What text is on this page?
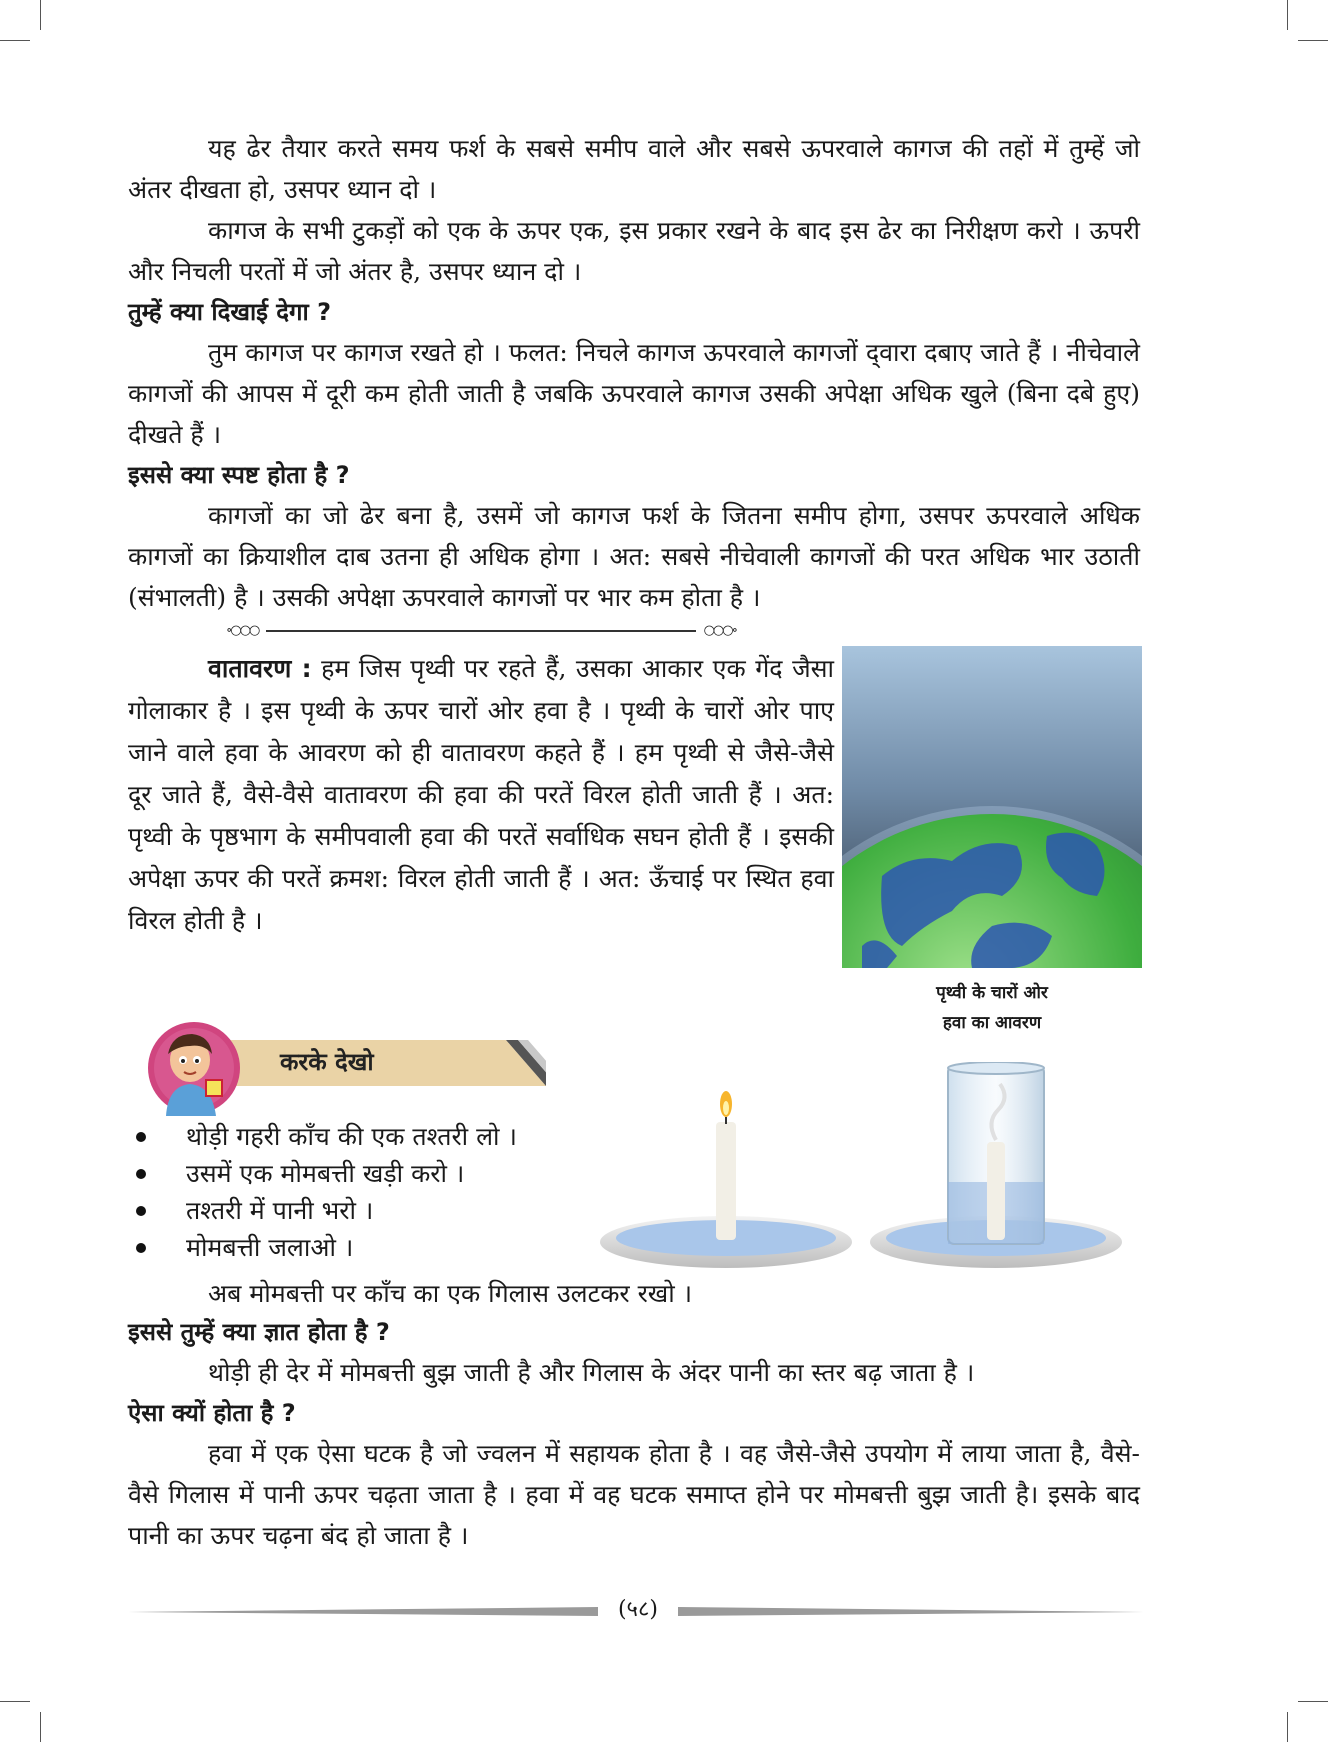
यह ढेर तैयार करते समय फर्श के सबसे समीप वाले और सबसे ऊपरवाले कागज की तहों में तुम्हें जो अंतर दीखता हो, उसपर ध्यान दो ।

कागज के सभी टुकड़ों को एक के ऊपर एक, इस प्रकार रखने के बाद इस ढेर का निरीक्षण करो । ऊपरी और निचली परतों में जो अंतर है, उसपर ध्यान दो ।

तुम्हें क्या दिखाई देगा ?

तुम कागज पर कागज रखते हो । फलत: निचले कागज ऊपरवाले कागजों द्‌वारा दबाए जाते हैं । नीचेवाले कागजों की आपस में दूरी कम होती जाती है जबकि ऊपरवाले कागज उसकी अपेक्षा अधिक खुले (बिना दबे हुए) दीखते हैं ।

इससे क्या स्पष्ट होता है ?

कागजों का जो ढेर बना है, उसमें जो कागज फर्श के जितना समीप होगा, उसपर ऊपरवाले अधिक कागजों का क्रियाशील दाब उतना ही अधिक होगा । अत: सबसे नीचेवाली कागजों की परत अधिक भार उठाती (संभालती) है । उसकी अपेक्षा ऊपरवाले कागजों पर भार कम होता है ।

∘○○○	○○○∘

वातावरण : हम जिस पृथ्वी पर रहते हैं, उसका आकार एक गेंद जैसा गोलाकार है । इस पृथ्वी के ऊपर चारों ओर हवा है । पृथ्वी के चारों ओर पाए जाने वाले हवा के आवरण को ही वातावरण कहते हैं । हम पृथ्वी से जैसे-जैसे दूर जाते हैं, वैसे-वैसे वातावरण की हवा की परतें विरल होती जाती हैं । अत: पृथ्वी के पृष्ठभाग के समीपवाली हवा की परतें सर्वाधिक सघन होती हैं । इसकी अपेक्षा ऊपर की परतें क्रमश: विरल होती जाती हैं । अत: ऊँचाई पर स्थित हवा विरल होती है ।

पृथ्वी के चारों ओर
हवा का आवरण
करके देखो
थोड़ी गहरी काँच की एक तश्तरी लो ।
उसमें एक मोमबत्ती खड़ी करो ।
तश्तरी में पानी भरो ।
मोमबत्ती जलाओ ।

अब मोमबत्ती पर काँच का एक गिलास उलटकर रखो ।

इससे तुम्हें क्या ज्ञात होता है ?

थोड़ी ही देर में मोमबत्ती बुझ जाती है और गिलास के अंदर पानी का स्तर बढ़ जाता है ।

ऐसा क्यों होता है ?

हवा में एक ऐसा घटक है जो ज्वलन में सहायक होता है । वह जैसे-जैसे उपयोग में लाया जाता है, वैसे-वैसे गिलास में पानी ऊपर चढ़ता जाता है । हवा में वह घटक समाप्त होने पर मोमबत्ती बुझ जाती है। इसके बाद पानी का ऊपर चढ़ना बंद हो जाता है ।

(५८)
